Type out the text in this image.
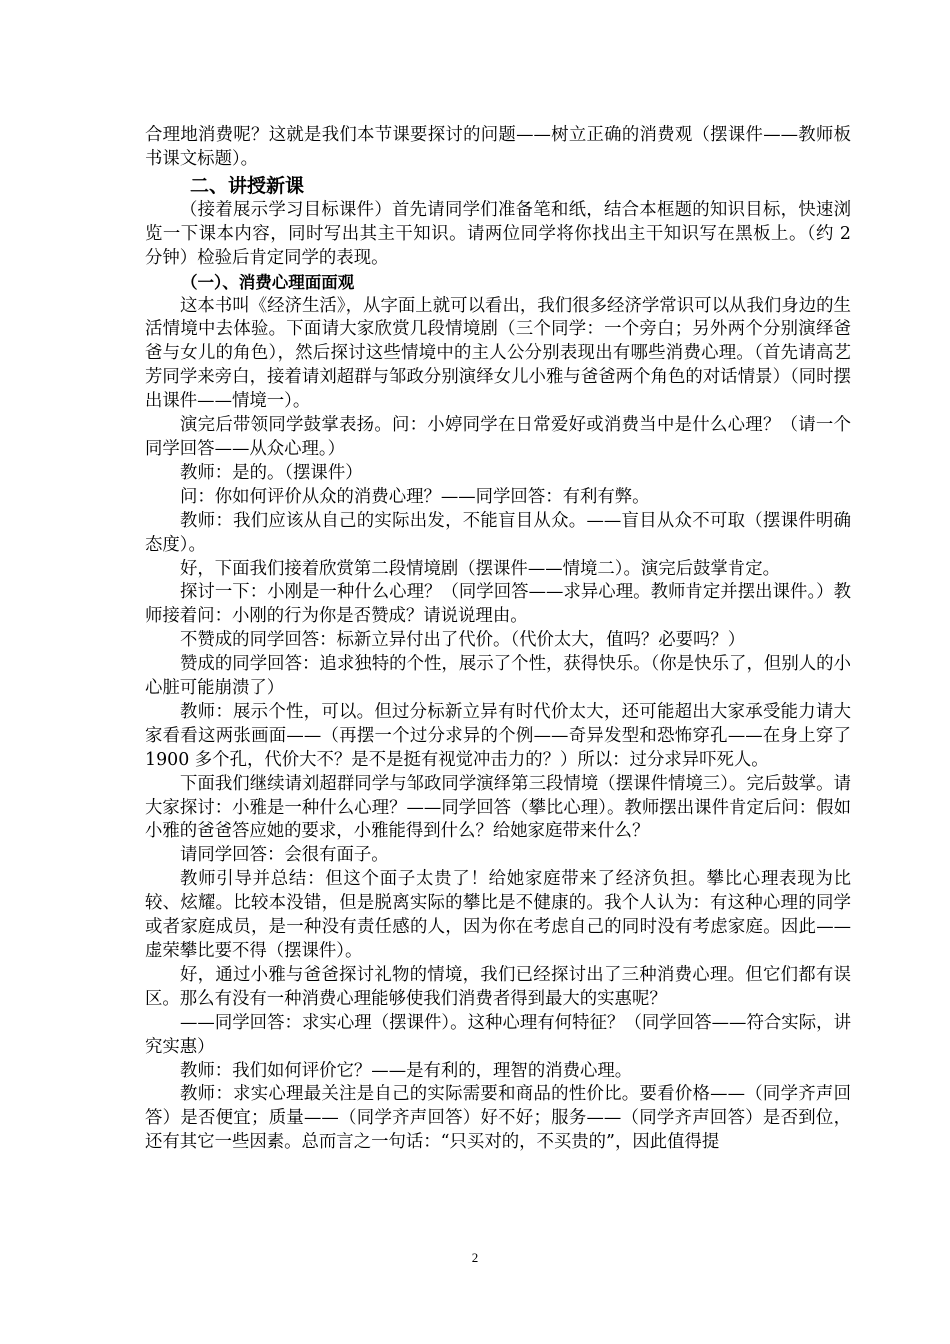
合理地消费呢？这就是我们本节课要探讨的问题——树立正确的消费观（摆课件——教师板书课文标题）。

二、讲授新课

（接着展示学习目标课件）首先请同学们准备笔和纸，结合本框题的知识目标，快速浏览一下课本内容，同时写出其主干知识。请两位同学将你找出主干知识写在黑板上。（约 2 分钟）检验后肯定同学的表现。

（一）、消费心理面面观

这本书叫《经济生活》，从字面上就可以看出，我们很多经济学常识可以从我们身边的生活情境中去体验。下面请大家欣赏几段情境剧（三个同学：一个旁白；另外两个分别演绎爸爸与女儿的角色），然后探讨这些情境中的主人公分别表现出有哪些消费心理。（首先请高艺芳同学来旁白，接着请刘超群与邹政分别演绎女儿小雅与爸爸两个角色的对话情景）（同时摆出课件——情境一）。

演完后带领同学鼓掌表扬。问：小婷同学在日常爱好或消费当中是什么心理？（请一个同学回答——从众心理。）

教师：是的。（摆课件）

问：你如何评价从众的消费心理？——同学回答：有利有弊。

教师：我们应该从自己的实际出发，不能盲目从众。——盲目从众不可取（摆课件明确态度）。

好，下面我们接着欣赏第二段情境剧（摆课件——情境二）。演完后鼓掌肯定。

探讨一下：小刚是一种什么心理？（同学回答——求异心理。教师肯定并摆出课件。）教师接着问：小刚的行为你是否赞成？请说说理由。

不赞成的同学回答：标新立异付出了代价。（代价太大，值吗？必要吗？）

赞成的同学回答：追求独特的个性，展示了个性，获得快乐。（你是快乐了，但别人的小心脏可能崩溃了）

教师：展示个性，可以。但过分标新立异有时代价太大，还可能超出大家承受能力请大家看看这两张画面——（再摆一个过分求异的个例——奇异发型和恐怖穿孔——在身上穿了 1900 多个孔，代价大不？是不是挺有视觉冲击力的？）所以：过分求异吓死人。

下面我们继续请刘超群同学与邹政同学演绎第三段情境（摆课件情境三）。完后鼓掌。请大家探讨：小雅是一种什么心理？——同学回答（攀比心理）。教师摆出课件肯定后问：假如小雅的爸爸答应她的要求，小雅能得到什么？给她家庭带来什么？

请同学回答：会很有面子。

教师引导并总结：但这个面子太贵了！给她家庭带来了经济负担。攀比心理表现为比较、炫耀。比较本没错，但是脱离实际的攀比是不健康的。我个人认为：有这种心理的同学或者家庭成员，是一种没有责任感的人，因为你在考虑自己的同时没有考虑家庭。因此——虚荣攀比要不得（摆课件）。

好，通过小雅与爸爸探讨礼物的情境，我们已经探讨出了三种消费心理。但它们都有误区。那么有没有一种消费心理能够使我们消费者得到最大的实惠呢？

——同学回答：求实心理（摆课件）。这种心理有何特征？（同学回答——符合实际，讲究实惠）

教师：我们如何评价它？——是有利的，理智的消费心理。

教师：求实心理最关注是自己的实际需要和商品的性价比。要看价格——（同学齐声回答）是否便宜；质量——（同学齐声回答）好不好；服务——（同学齐声回答）是否到位，还有其它一些因素。总而言之一句话：“只买对的，不买贵的”，因此值得提

2
